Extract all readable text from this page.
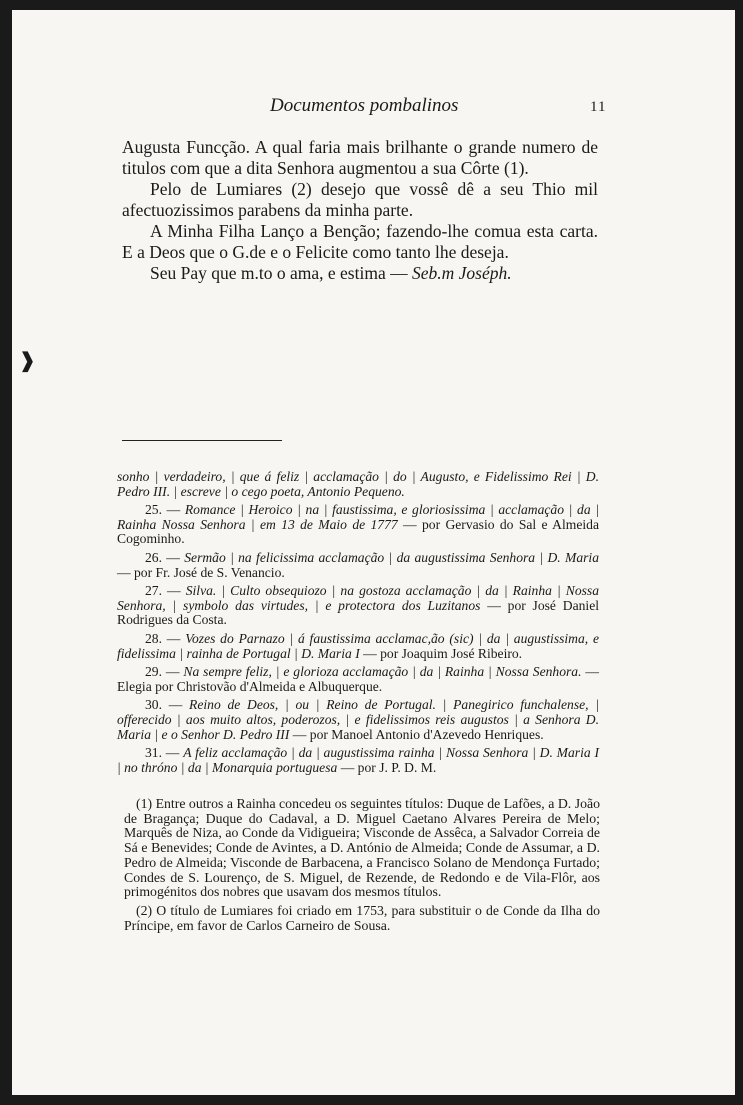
Documentos pombalinos	11

Augusta Funcção. A qual faria mais brilhante o grande numero de titulos com que a dita Senhora augmentou a sua Côrte (1).

Pelo de Lumiares (2) desejo que vossê dê a seu Thio mil afectuozissimos parabens da minha parte.

A Minha Filha Lanço a Benção; fazendo-lhe comua esta carta. E a Deos que o G.de e o Felicite como tanto lhe deseja.

Seu Pay que m.to o ama, e estima — Seb.m Joséph.

❱

sonho | verdadeiro, | que á feliz | acclamação | do | Augusto, e Fidelissimo Rei | D. Pedro III. | escreve | o cego poeta, Antonio Pequeno.

25. — Romance | Heroico | na | faustissima, e gloriosissima | acclamação | da | Rainha Nossa Senhora | em 13 de Maio de 1777 — por Gervasio do Sal e Almeida Cogominho.

26. — Sermão | na felicissima acclamação | da augustissima Senhora | D. Maria — por Fr. José de S. Venancio.

27. — Silva. | Culto obsequiozo | na gostoza acclamação | da | Rainha | Nossa Senhora, | symbolo das virtudes, | e protectora dos Luzitanos — por José Daniel Rodrigues da Costa.

28. — Vozes do Parnazo | á faustissima acclamac,ão (sic) | da | augustissima, e fidelissima | rainha de Portugal | D. Maria I — por Joaquim José Ribeiro.

29. — Na sempre feliz, | e glorioza acclamação | da | Rainha | Nossa Senhora. — Elegia por Christovão d'Almeida e Albuquerque.

30. — Reino de Deos, | ou | Reino de Portugal. | Panegirico funchalense, | offerecido | aos muito altos, poderozos, | e fidelissimos reis augustos | a Senhora D. Maria | e o Senhor D. Pedro III — por Manoel Antonio d'Azevedo Henriques.

31. — A feliz acclamação | da | augustissima rainha | Nossa Senhora | D. Maria I | no thróno | da | Monarquia portuguesa — por J. P. D. M.

(1) Entre outros a Rainha concedeu os seguintes títulos: Duque de Lafões, a D. João de Bragança; Duque do Cadaval, a D. Miguel Caetano Alvares Pereira de Melo; Marquês de Niza, ao Conde da Vidigueira; Visconde de Assêca, a Salvador Correia de Sá e Benevides; Conde de Avintes, a D. António de Almeida; Conde de Assumar, a D. Pedro de Almeida; Visconde de Barbacena, a Francisco Solano de Mendonça Furtado; Condes de S. Lourenço, de S. Miguel, de Rezende, de Redondo e de Vila-Flôr, aos primogénitos dos nobres que usavam dos mesmos títulos.

(2) O título de Lumiares foi criado em 1753, para substituir o de Conde da Ilha do Príncipe, em favor de Carlos Carneiro de Sousa.
